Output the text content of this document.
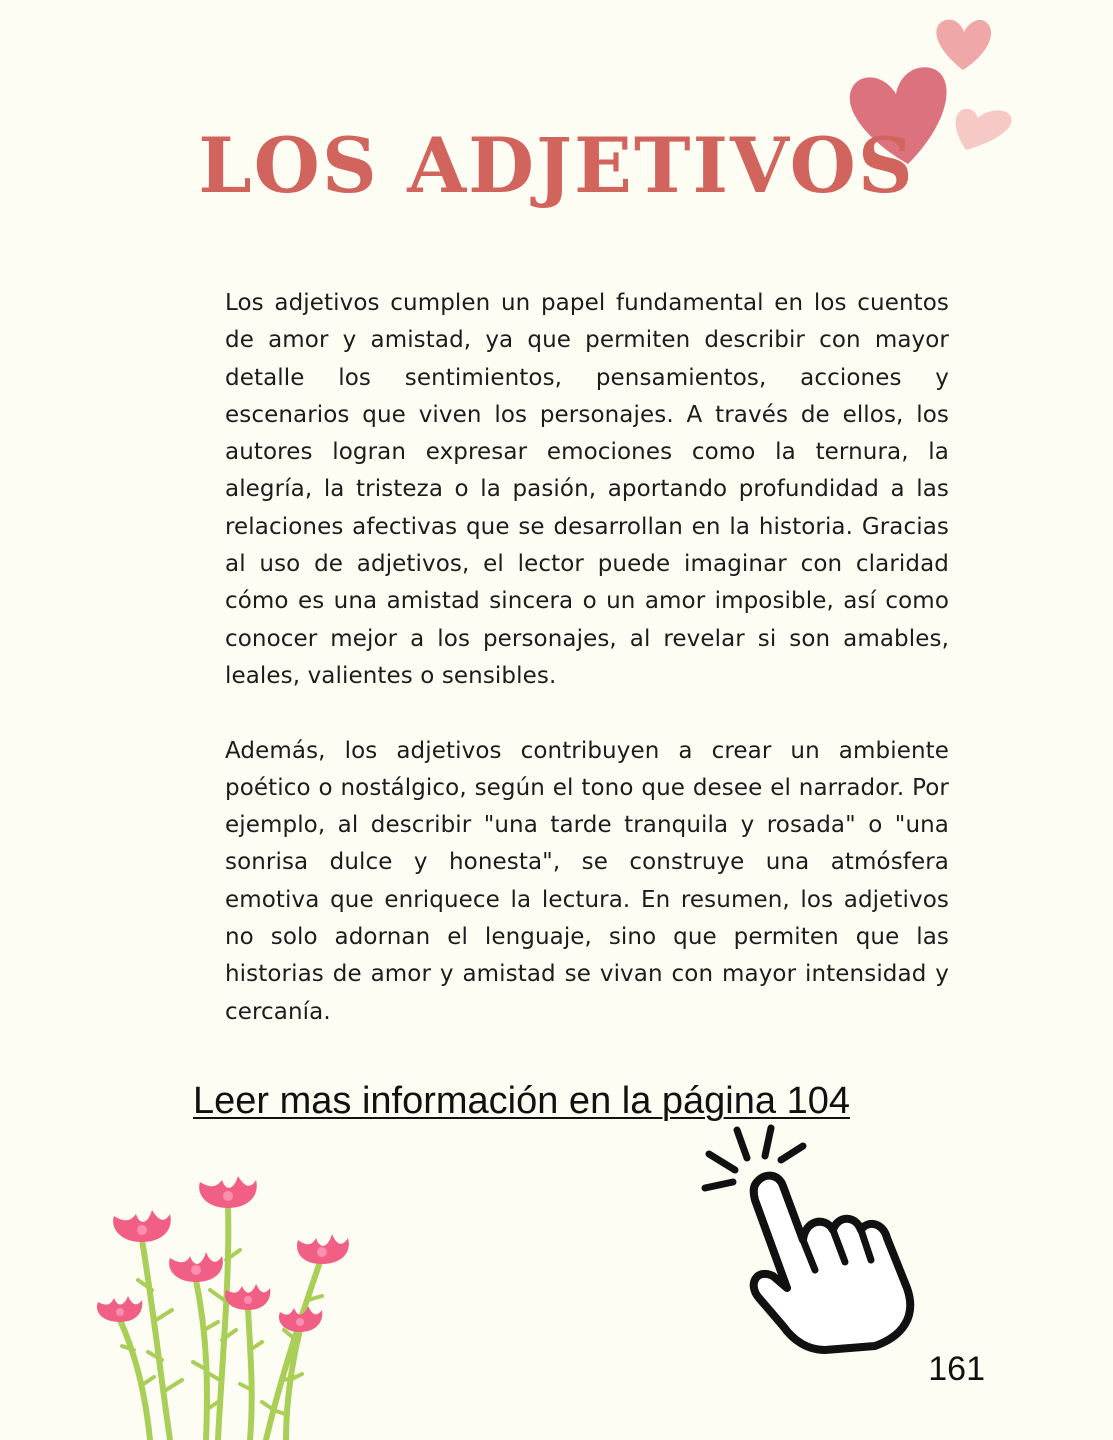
LOS ADJETIVOS

Los adjetivos cumplen un papel fundamental en los cuentos de amor y amistad, ya que permiten describir con mayor detalle los sentimientos, pensamientos, acciones y escenarios que viven los personajes. A través de ellos, los autores logran expresar emociones como la ternura, la alegría, la tristeza o la pasión, aportando profundidad a las relaciones afectivas que se desarrollan en la historia. Gracias al uso de adjetivos, el lector puede imaginar con claridad cómo es una amistad sincera o un amor imposible, así como conocer mejor a los personajes, al revelar si son amables, leales, valientes o sensibles.

Además, los adjetivos contribuyen a crear un ambiente poético o nostálgico, según el tono que desee el narrador. Por ejemplo, al describir "una tarde tranquila y rosada" o "una sonrisa dulce y honesta", se construye una atmósfera emotiva que enriquece la lectura. En resumen, los adjetivos no solo adornan el lenguaje, sino que permiten que las historias de amor y amistad se vivan con mayor intensidad y cercanía.

Leer mas información en la página 104
161
